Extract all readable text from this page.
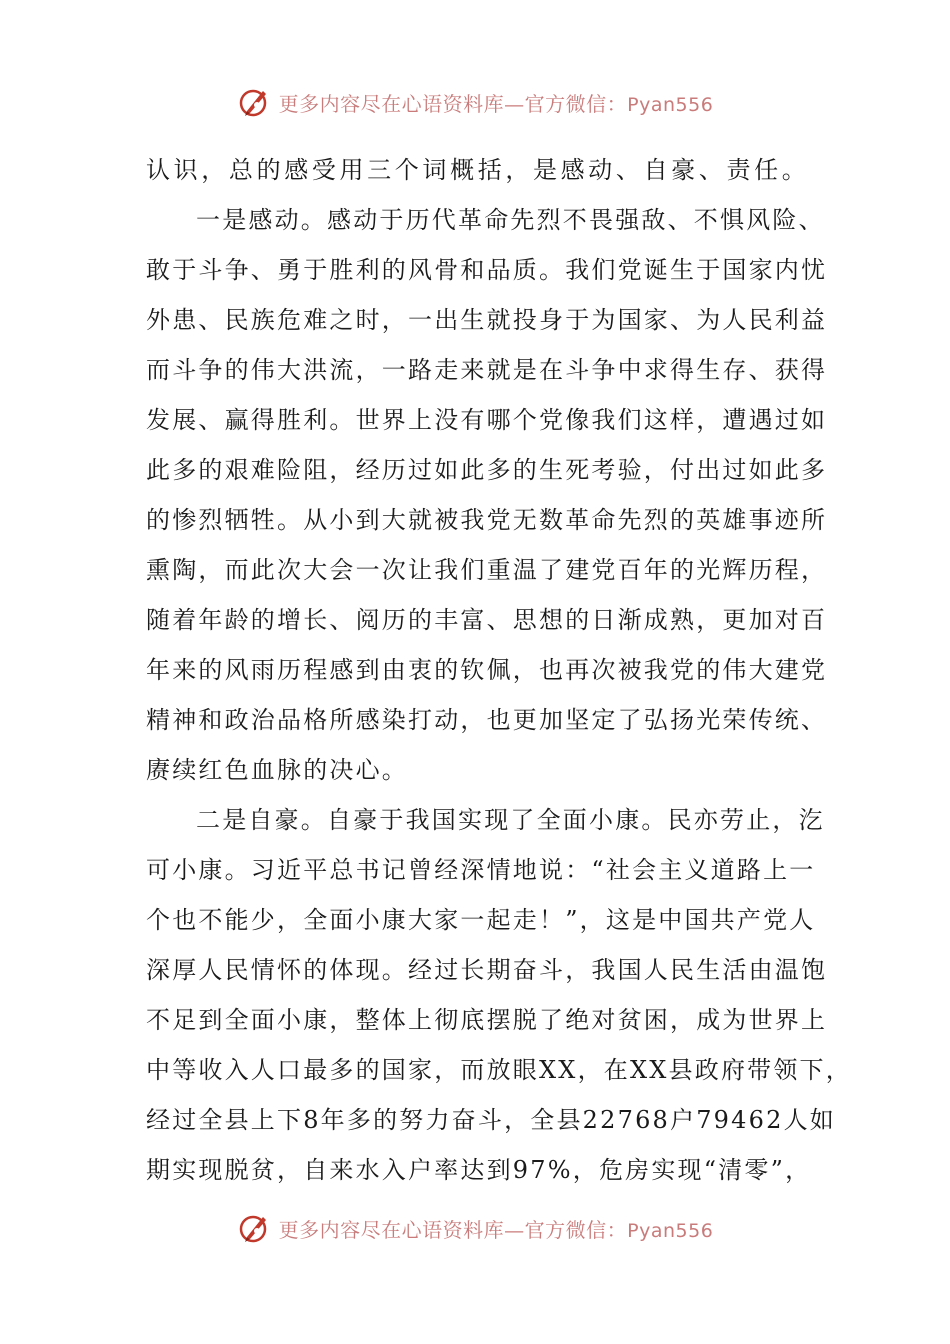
更多内容尽在心语资料库—官方微信：Pyan556
认识，总的感受用三个词概括，是感动、自豪、责任。
一是感动。感动于历代革命先烈不畏强敌、不惧风险、
敢于斗争、勇于胜利的风骨和品质。我们党诞生于国家内忧
外患、民族危难之时，一出生就投身于为国家、为人民利益
而斗争的伟大洪流，一路走来就是在斗争中求得生存、获得
发展、赢得胜利。世界上没有哪个党像我们这样，遭遇过如
此多的艰难险阻，经历过如此多的生死考验，付出过如此多
的惨烈牺牲。从小到大就被我党无数革命先烈的英雄事迹所
熏陶，而此次大会一次让我们重温了建党百年的光辉历程，
随着年龄的增长、阅历的丰富、思想的日渐成熟，更加对百
年来的风雨历程感到由衷的钦佩，也再次被我党的伟大建党
精神和政治品格所感染打动，也更加坚定了弘扬光荣传统、
赓续红色血脉的决心。
二是自豪。自豪于我国实现了全面小康。民亦劳止，汔
可小康。习近平总书记曾经深情地说：“社会主义道路上一
个也不能少，全面小康大家一起走！”，这是中国共产党人
深厚人民情怀的体现。经过长期奋斗，我国人民生活由温饱
不足到全面小康，整体上彻底摆脱了绝对贫困，成为世界上
中等收入人口最多的国家，而放眼XX，在XX县政府带领下，
经过全县上下8年多的努力奋斗，全县22768户79462人如
期实现脱贫，自来水入户率达到97%，危房实现“清零”，
更多内容尽在心语资料库—官方微信：Pyan556
